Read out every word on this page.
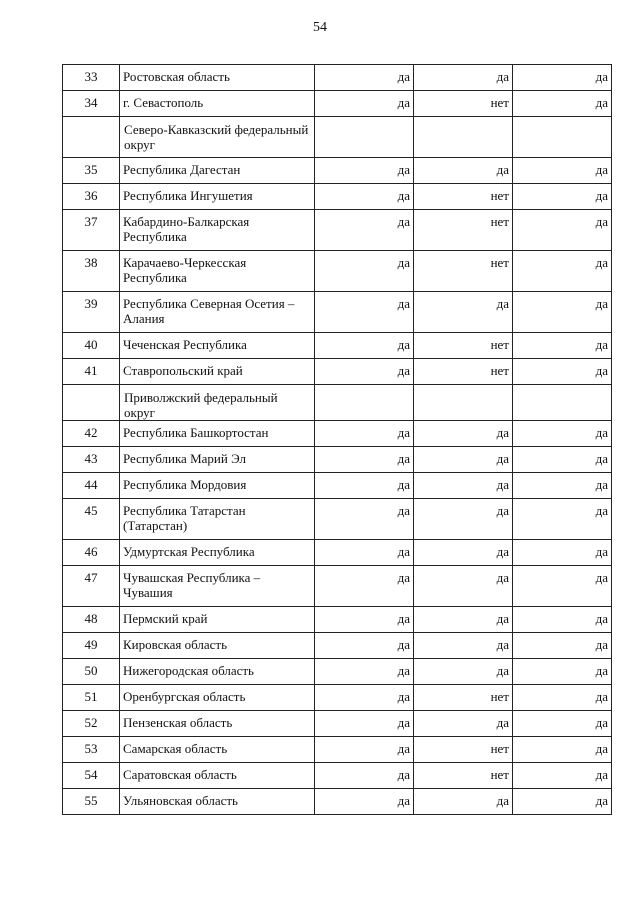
54
33	Ростовская область	да	да	да
34	г. Севастополь	да	нет	да
	Северо-Кавказский федеральный округ			
35	Республика Дагестан	да	да	да
36	Республика Ингушетия	да	нет	да
37	Кабардино-Балкарская Республика	да	нет	да
38	Карачаево-Черкесская Республика	да	нет	да
39	Республика Северная Осетия – Алания	да	да	да
40	Чеченская Республика	да	нет	да
41	Ставропольский край	да	нет	да
	Приволжский федеральный округ			
42	Республика Башкортостан	да	да	да
43	Республика Марий Эл	да	да	да
44	Республика Мордовия	да	да	да
45	Республика Татарстан (Татарстан)	да	да	да
46	Удмуртская Республика	да	да	да
47	Чувашская Республика – Чувашия	да	да	да
48	Пермский край	да	да	да
49	Кировская область	да	да	да
50	Нижегородская область	да	да	да
51	Оренбургская область	да	нет	да
52	Пензенская область	да	да	да
53	Самарская область	да	нет	да
54	Саратовская область	да	нет	да
55	Ульяновская область	да	да	да
